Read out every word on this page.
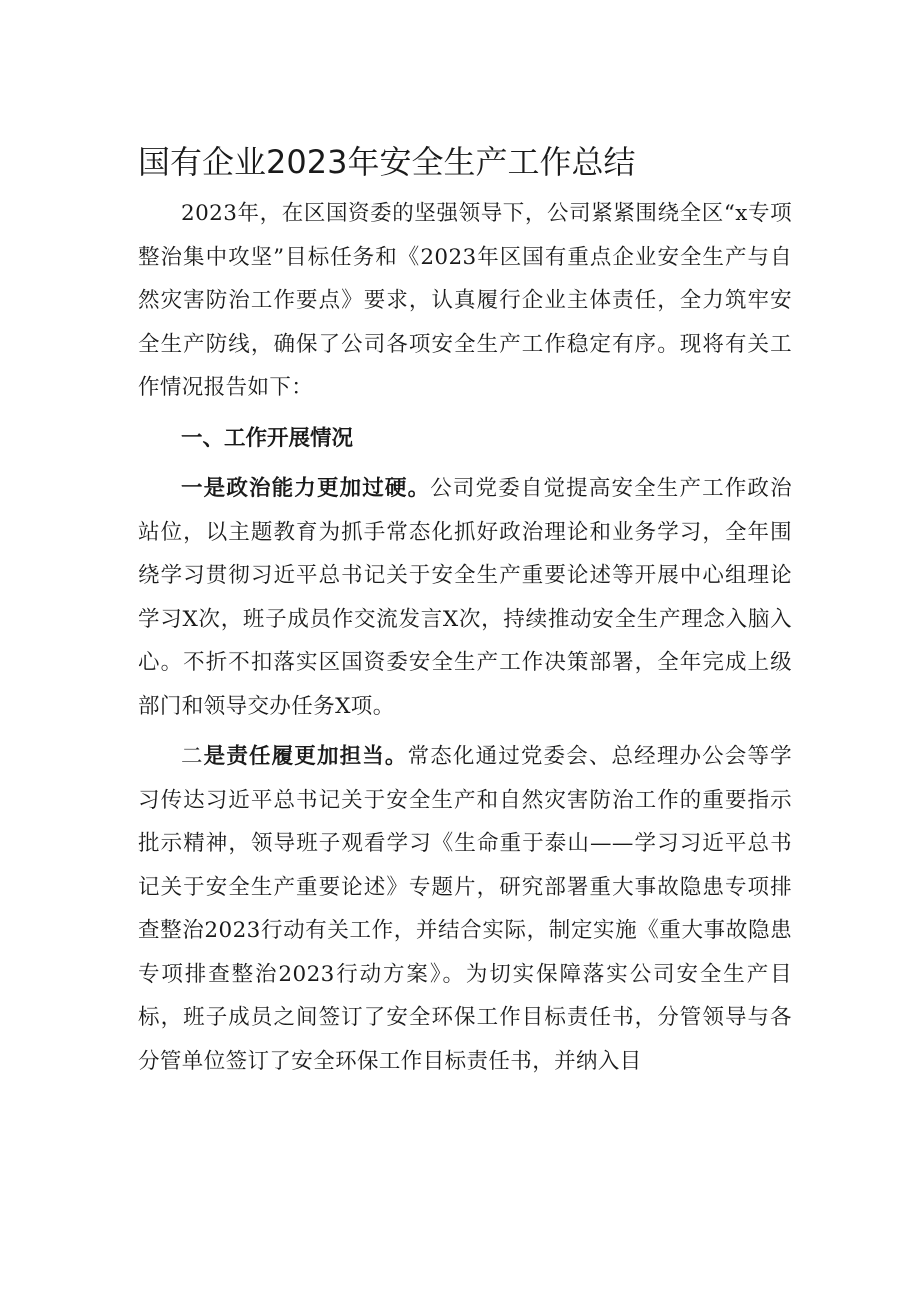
国有企业2023年安全生产工作总结

2023年，在区国资委的坚强领导下，公司紧紧围绕全区“x专项整治集中攻坚”目标任务和《2023年区国有重点企业安全生产与自然灾害防治工作要点》要求，认真履行企业主体责任，全力筑牢安全生产防线，确保了公司各项安全生产工作稳定有序。现将有关工作情况报告如下：

一、工作开展情况

一是政治能力更加过硬。公司党委自觉提高安全生产工作政治站位，以主题教育为抓手常态化抓好政治理论和业务学习，全年围绕学习贯彻习近平总书记关于安全生产重要论述等开展中心组理论学习X次，班子成员作交流发言X次，持续推动安全生产理念入脑入心。不折不扣落实区国资委安全生产工作决策部署，全年完成上级部门和领导交办任务X项。

二是责任履更加担当。常态化通过党委会、总经理办公会等学习传达习近平总书记关于安全生产和自然灾害防治工作的重要指示批示精神，领导班子观看学习《生命重于泰山——学习习近平总书记关于安全生产重要论述》专题片，研究部署重大事故隐患专项排查整治2023行动有关工作，并结合实际，制定实施《重大事故隐患专项排查整治2023行动方案》。为切实保障落实公司安全生产目标，班子成员之间签订了安全环保工作目标责任书，分管领导与各分管单位签订了安全环保工作目标责任书，并纳入目
